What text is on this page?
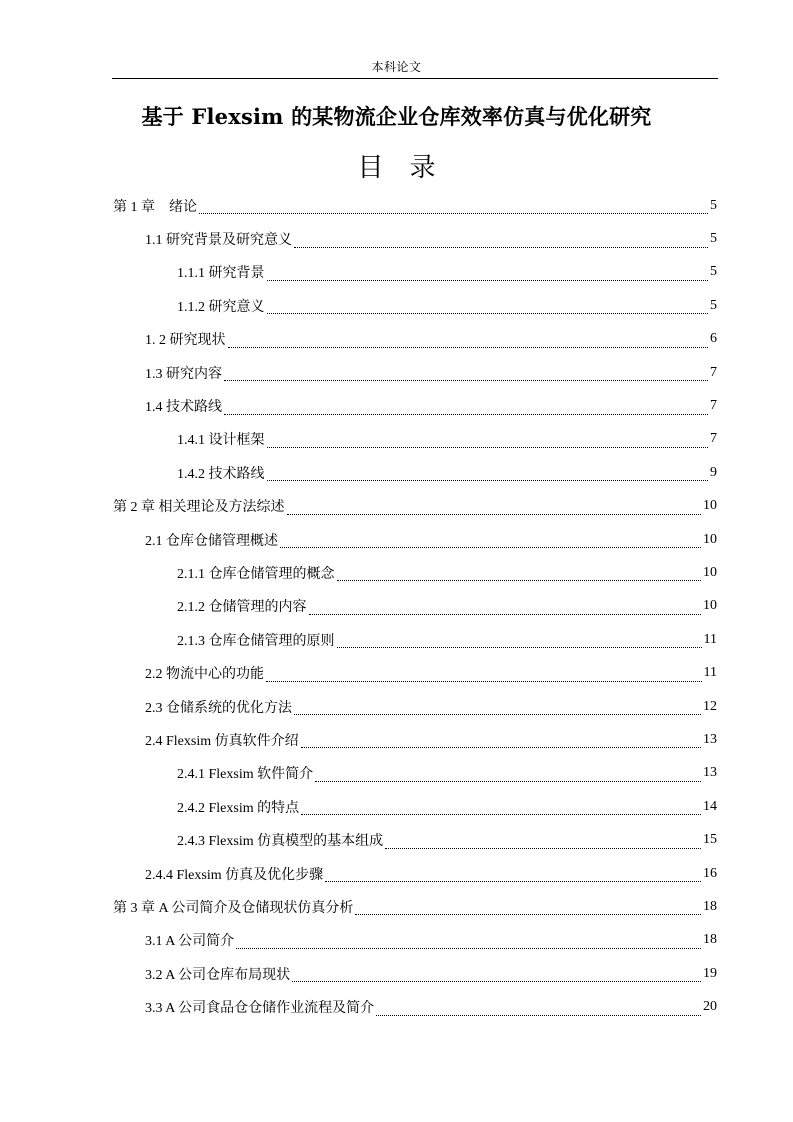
本科论文
基于 Flexsim 的某物流企业仓库效率仿真与优化研究
目录
第 1 章　绪论	5
1.1 研究背景及研究意义	5
1.1.1 研究背景	5
1.1.2 研究意义	5
1. 2 研究现状	6
1.3 研究内容	7
1.4 技术路线	7
1.4.1 设计框架	7
1.4.2 技术路线	9
第 2 章 相关理论及方法综述	10
2.1 仓库仓储管理概述	10
2.1.1 仓库仓储管理的概念	10
2.1.2 仓储管理的内容	10
2.1.3 仓库仓储管理的原则	11
2.2 物流中心的功能	11
2.3 仓储系统的优化方法	12
2.4 Flexsim 仿真软件介绍	13
2.4.1 Flexsim 软件简介	13
2.4.2 Flexsim 的特点	14
2.4.3 Flexsim 仿真模型的基本组成	15
2.4.4 Flexsim 仿真及优化步骤	16
第 3 章 A 公司简介及仓储现状仿真分析	18
3.1 A 公司简介	18
3.2 A 公司仓库布局现状	19
3.3 A 公司食品仓仓储作业流程及简介	20
